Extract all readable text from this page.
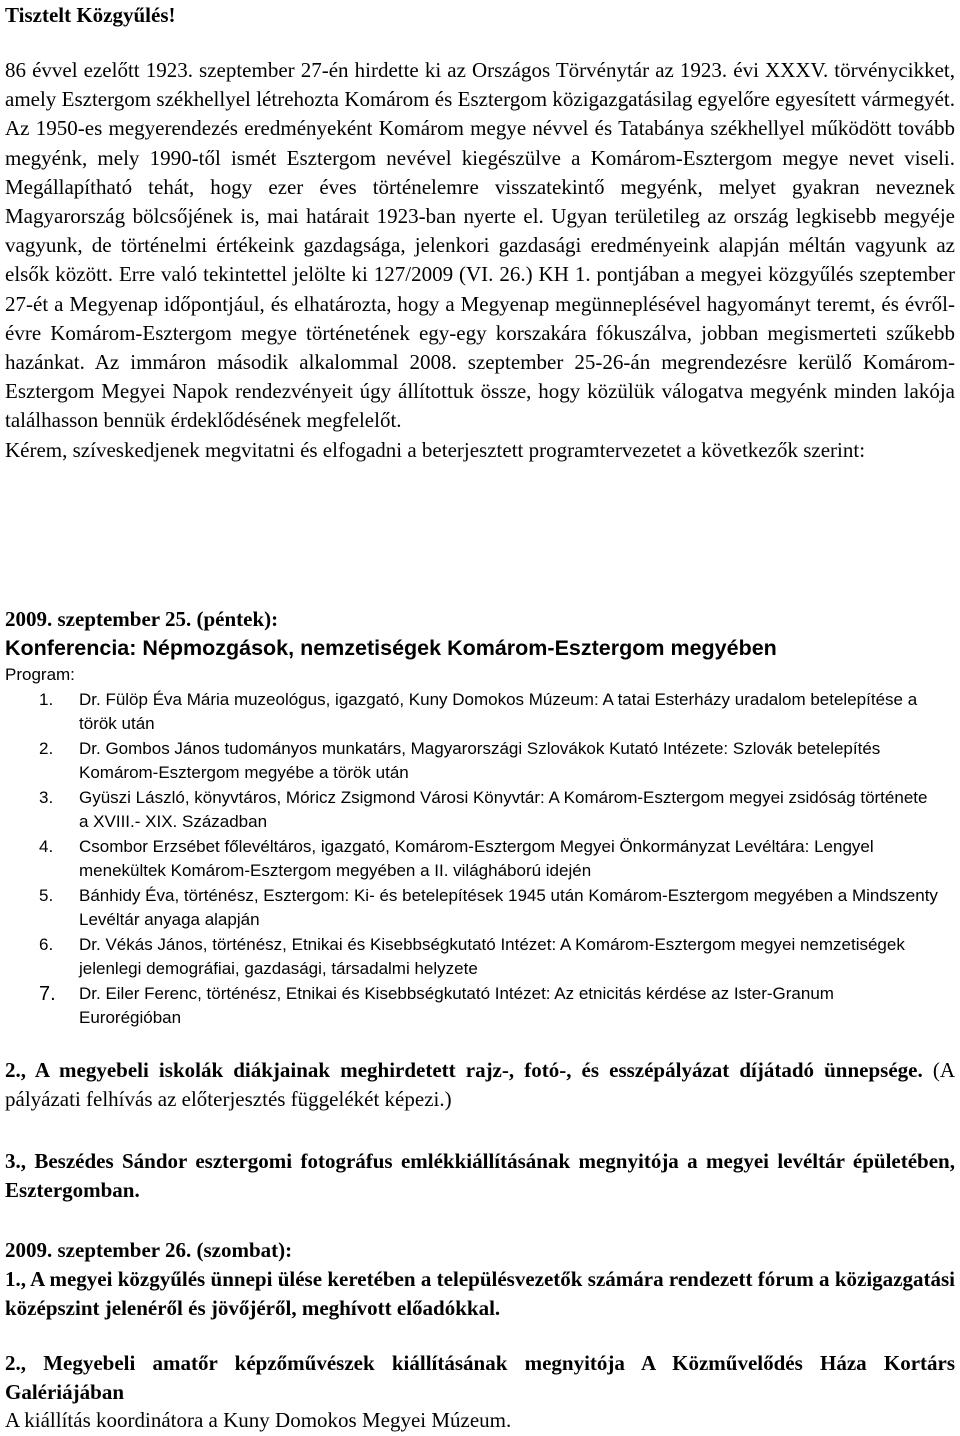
Tisztelt Közgyűlés!

86 évvel ezelőtt 1923. szeptember 27-én hirdette ki az Országos Törvénytár az 1923. évi XXXV. törvénycikket, amely Esztergom székhellyel létrehozta Komárom és Esztergom közigazgatásilag egyelőre egyesített vármegyét. Az 1950-es megyerendezés eredményeként Komárom megye névvel és Tatabánya székhellyel működött tovább megyénk, mely 1990-től ismét Esztergom nevével kiegészülve a Komárom-Esztergom megye nevet viseli. Megállapítható tehát, hogy ezer éves történelemre visszatekintő megyénk, melyet gyakran neveznek Magyarország bölcsőjének is, mai határait 1923-ban nyerte el. Ugyan területileg az ország legkisebb megyéje vagyunk, de történelmi értékeink gazdagsága, jelenkori gazdasági eredményeink alapján méltán vagyunk az elsők között. Erre való tekintettel jelölte ki 127/2009 (VI. 26.) KH 1. pontjában a megyei közgyűlés szeptember 27-ét a Megyenap időpontjául, és elhatározta, hogy a Megyenap megünneplésével hagyományt teremt, és évről-évre Komárom-Esztergom megye történetének egy-egy korszakára fókuszálva, jobban megismerteti szűkebb hazánkat. Az immáron második alkalommal 2008. szeptember 25-26-án megrendezésre kerülő Komárom-Esztergom Megyei Napok rendezvényeit úgy állítottuk össze, hogy közülük válogatva megyénk minden lakója találhasson bennük érdeklődésének megfelelőt.

Kérem, szíveskedjenek megvitatni és elfogadni a beterjesztett programtervezetet a következők szerint:

2009. szeptember 25. (péntek):
Konferencia: Népmozgások, nemzetiségek Komárom-Esztergom megyében
Program:
1.	Dr. Fülöp Éva Mária muzeológus, igazgató, Kuny Domokos Múzeum: A tatai Esterházy uradalom betelepítése a török után
2.	Dr. Gombos János tudományos munkatárs, Magyarországi Szlovákok Kutató Intézete: Szlovák betelepítés Komárom-Esztergom megyébe a török után
3.	Gyüszi László, könyvtáros, Móricz Zsigmond Városi Könyvtár: A Komárom-Esztergom megyei zsidóság története a XVIII.- XIX. Században
4.	Csombor Erzsébet főlevéltáros, igazgató, Komárom-Esztergom Megyei Önkormányzat Levéltára: Lengyel menekültek Komárom-Esztergom megyében a II. világháború idején
5.	Bánhidy Éva, történész, Esztergom: Ki- és betelepítések 1945 után Komárom-Esztergom megyében a Mindszenty Levéltár anyaga alapján
6.	Dr. Vékás János, történész, Etnikai és Kisebbségkutató Intézet: A Komárom-Esztergom megyei nemzetiségek jelenlegi demográfiai, gazdasági, társadalmi helyzete
7.	Dr. Eiler Ferenc, történész, Etnikai és Kisebbségkutató Intézet: Az etnicitás kérdése az Ister-Granum Eurorégióban
2., A megyebeli iskolák diákjainak meghirdetett rajz-, fotó-, és esszépályázat díjátadó ünnepsége. (A pályázati felhívás az előterjesztés függelékét képezi.)
3., Beszédes Sándor esztergomi fotográfus emlékkiállításának megnyitója a megyei levéltár épületében, Esztergomban.
2009. szeptember 26. (szombat):
1., A megyei közgyűlés ünnepi ülése keretében a településvezetők számára rendezett fórum a közigazgatási középszint jelenéről és jövőjéről, meghívott előadókkal.
2., Megyebeli amatőr képzőművészek kiállításának megnyitója A Közművelődés Háza Kortárs Galériájában
A kiállítás koordinátora a Kuny Domokos Megyei Múzeum.
